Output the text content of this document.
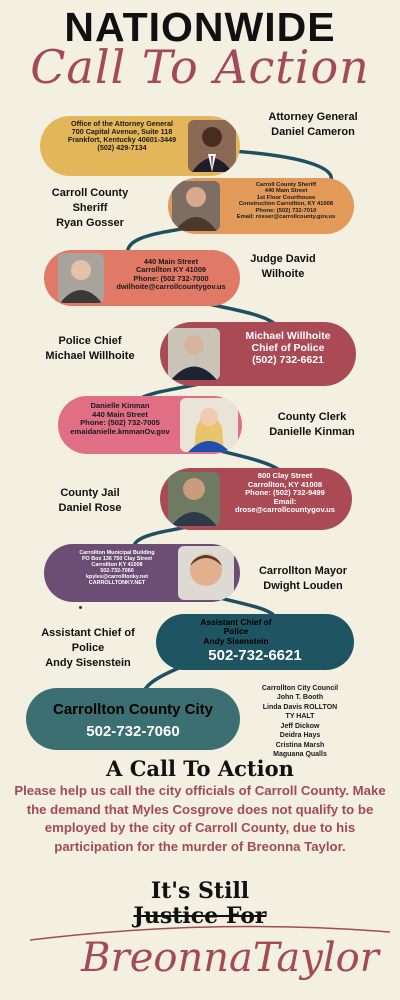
NATIONWIDE
Call To Action
Office of the Attorney General
700 Capital Avenue, Suite 118
Frankfort, Kentucky 40601-3449
(502) 429-7134
Attorney General
Daniel Cameron
Carroll County
Sheriff
Ryan Gosser
Carroll County Sheriff
440 Main Street
1st Floor Courthouse
Construction Carrollton, KY 41008
Phone: (502) 732-7010
Email: rosser@carrollcounty.gov.us
440 Main Street
Carrollton KY 41009
Phone: (502 732-7000
dwilhoite@carrollcountygov.us
Judge David
Wilhoite
Police Chief
Michael Willhoite
Michael Willhoite
Chief of Police
(502) 732-6621
Danielle Kinman
440 Main Street
Phone: (502) 732-7005
emaidanielle.kmmanOv.gov
County Clerk
Danielle Kinman
County Jail
Daniel Rose
800 Clay Street
Carrollton, KY 41008
Phone: (502) 732-9499
Email:
drose@carrollcountygov.us
Carrollton Municipal Building
PO Box 136 750 Clay Street
Carrollton KY 41008
502-732-7060
kpyles@carrolltonky.net
CARROLLTONKY.NET
Carrollton Mayor
Dwight Louden
Assistant Chief of
Police
Andy Sisenstein
Assistant Chief of
Police
Andy Sisenstein
502-732-6621
Carrollton County City
502-732-7060
Carrollton City Council
John T. Booth
Linda Davis ROLLTON
TY HALT
Jeff Dickow
Deidra Hays
Cristina Marsh
Maguana Qualls
A Call To Action
Please help us call the city officials of Carroll County. Make the demand that Myles Cosgrove does not qualify to be employed by the city of Carroll County, due to his participation for the murder of Breonna Taylor.
It's Still
Justice For
BreonnaTaylor
